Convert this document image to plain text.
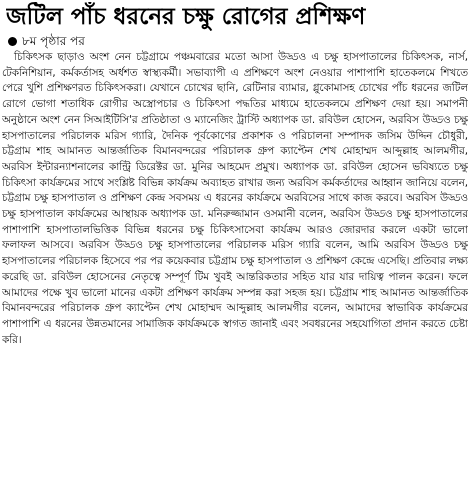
জটিল পাঁচ ধরনের চক্ষু রোগের প্রশিক্ষণ
৮ম পৃষ্ঠার পর

চিকিৎসক ছাড়াও অংশ নেন চট্টগ্রামে পঞ্চমবারের মতো আসা উড্ডও এ চক্ষু হাসপাতালের চিকিৎসক, নার্স, টেকনিশিয়ান, কর্মকর্তাসহ অর্ধশত স্বাস্থ্যকর্মী। সভাব্যাপী এ প্রশিক্ষণে অংশ নেওয়ার পাশাপাশি হাতেকলমে শিখতে পেরে খুশি প্রশিক্ষণরত চিকিৎসকরা। যেখানে চোখের ছানি, রেটিনার ব্যামার, গ্লুকোমাসহ চোখের পাঁচ ধরনের জটিল রোগে ভোগা শতাধিক রোগীর অস্ত্রোপচার ও চিকিৎসা পদ্ধতির মাধ্যমে হাতেকলমে প্রশিক্ষণ দেয়া হয়। সমাপনী অনুষ্ঠানে অংশ নেন সিআইটিসি'র প্রতিষ্ঠাতা ও ম্যানেজিং ট্রাস্টি অধ্যাপক ডা. রবিউল হোসেন, অরবিস উড্ডও চক্ষু হাসপাতালের পরিচালক মরিস গ্যারি, দৈনিক পূর্বকোণের প্রকাশক ও পরিচালনা সম্পাদক জসিম উদ্দিন চৌধুরী, চট্টগ্রাম শাহ আমানত আন্তর্জাতিক বিমানবন্দরের পরিচালক গ্রুপ ক্যাপ্টেন শেখ মোহাম্মদ আব্দুল্লাহ আলমগীর, অরবিস ইন্টারন্যাশনালের কান্ট্রি ডিরেক্টর ডা. মুনির আহমেদ প্রমুখ। অধ্যাপক ডা. রবিউল হোসেন ভবিষ্যতে চক্ষু চিকিৎসা কার্যক্রমের সাথে সংশ্লিষ্ট বিভিন্ন কার্যক্রম অব্যাহত রাখার জন্য অরবিস কর্মকর্তাদের আহ্বান জানিয়ে বলেন, চট্টগ্রাম চক্ষু হাসপাতাল ও প্রশিক্ষণ কেন্দ্র সবসময় এ ধরনের কার্যক্রমে অরবিসের সাথে কাজ করবে। অরবিস উড্ডও চক্ষু হাসপাতাল কার্যক্রমের আস্থায়ক অধ্যাপক ডা. মনিরুজ্জামান ওসমানী বলেন, অরবিস উড্ডও চক্ষু হাসপাতালের পাশাপাশি হাসপাতালভিত্তিক বিভিন্ন ধরনের চক্ষু চিকিৎসাসেবা কার্যক্রম আরও জোরদার করলে একটা ভালো ফলাফল আসবে। অরবিস উড্ডও চক্ষু হাসপাতালের পরিচালক মরিস গ্যারি বলেন, আমি অরবিস উড্ডও চক্ষু হাসপাতালের পরিচালক হিসেবে পর পর কয়েকবার চট্টগ্রাম চক্ষু হাসপাতাল ও প্রশিক্ষণ কেন্দ্রে এসেছি। প্রতিবার লক্ষ্য করেছি ডা. রবিউল হোসেনের নেতৃত্বে সম্পূর্ণ টিম খুবই আন্তরিকতার সহিত যার যার দায়িত্ব পালন করেন। ফলে আমাদের পক্ষে খুব ভালো মানের একটা প্রশিক্ষণ কার্যক্রম সম্পন্ন করা সহজ হয়। চট্টগ্রাম শাহ আমানত আন্তর্জাতিক বিমানবন্দরের পরিচালক গ্রুপ ক্যাপ্টেন শেখ মোহাম্মদ আব্দুল্লাহ আলমগীর বলেন, আমাদের স্বাভাবিক কার্যক্রমের পাশাপাশি এ ধরনের উন্নতমানের সামাজিক কার্যক্রমকে স্বাগত জানাই এবং সবধরনের সহযোগিতা প্রদান করতে চেষ্টা করি।
